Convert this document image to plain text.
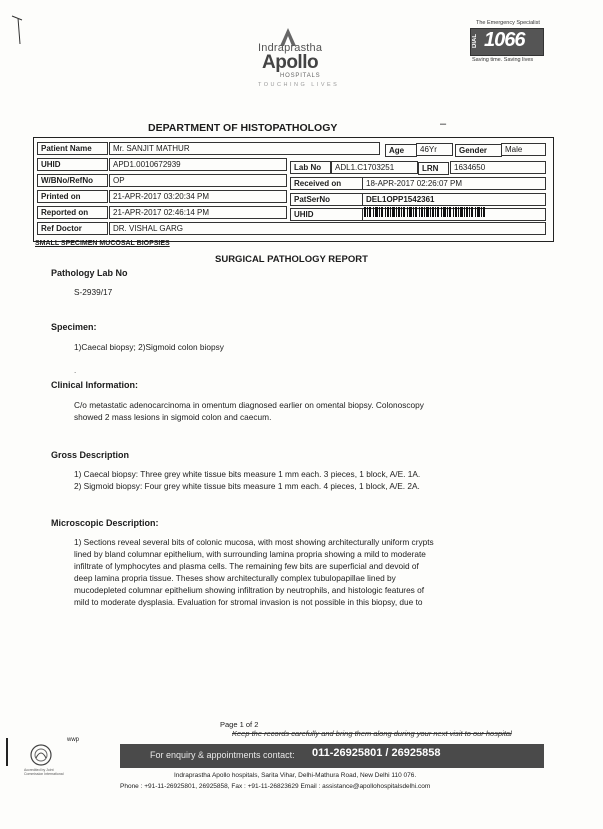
Indraprastha
Apollo
HOSPITALS
TOUCHING LIVES
The Emergency Specialist
DIAL 1066
Saving time. Saving lives
DEPARTMENT OF HISTOPATHOLOGY	–
Patient Name	Mr. SANJIT MATHUR	Age	46Yr	Gender	Male
UHID	APD1.0010672939	Lab No	ADL1.C1703251	LRN	1634650
W/BNo/RefNo	OP	Received on	18-APR-2017 02:26:07 PM
Printed on	21-APR-2017 03:20:34 PM	PatSerNo	DEL1OPP1542361
Reported on	21-APR-2017 02:46:14 PM	UHID
Ref Doctor	DR. VISHAL GARG
SMALL SPECIMEN MUCOSAL BIOPSIES
SURGICAL PATHOLOGY REPORT
Pathology Lab No
S-2939/17
Specimen:
1)Caecal biopsy; 2)Sigmoid colon biopsy
.
Clinical Information:
C/o metastatic adenocarcinoma in omentum diagnosed earlier on omental biopsy. Colonoscopy
showed 2 mass lesions in sigmoid colon and caecum.
Gross Description
1) Caecal biopsy: Three grey white tissue bits measure 1 mm each. 3 pieces, 1 block, A/E. 1A.
2) Sigmoid biopsy: Four grey white tissue bits measure 1 mm each. 4 pieces, 1 block, A/E. 2A.
Microscopic Description:
1) Sections reveal several bits of colonic mucosa, with most showing architecturally uniform crypts
lined by bland columnar epithelium, with surrounding lamina propria showing a mild to moderate
infiltrate of lymphocytes and plasma cells. The remaining few bits are superficial and devoid of
deep lamina propria tissue. Theses show architecturally complex tubulopapillae lined by
mucodepleted columnar epithelium showing infiltration by neutrophils, and histologic features of
mild to moderate dysplasia. Evaluation for stromal invasion is not possible in this biopsy, due to
Page 1 of 2
Keep the records carefully and bring them along during your next visit to our hospital
wwp
Accredited by Joint Commission International
For enquiry & appointments contact: 011-26925801 / 26925858
Indraprastha Apollo hospitals, Sarita Vihar, Delhi-Mathura Road, New Delhi 110 076.
Phone : +91-11-26925801, 26925858, Fax : +91-11-26823629 Email : assistance@apollohospitalsdelhi.com
